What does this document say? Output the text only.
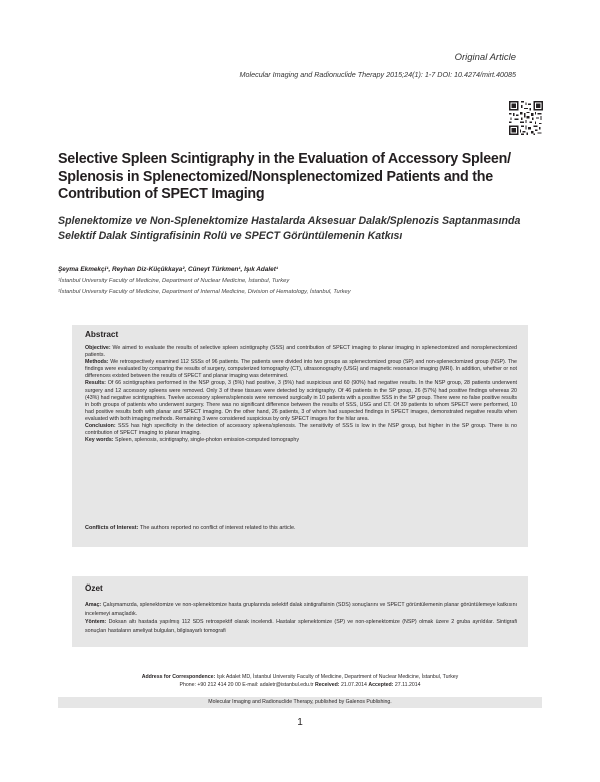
Original Article
Molecular Imaging and Radionuclide Therapy 2015;24(1): 1-7 DOI: 10.4274/mirt.40085
Selective Spleen Scintigraphy in the Evaluation of Accessory Spleen/ Splenosis in Splenectomized/Nonsplenectomized Patients and the Contribution of SPECT Imaging
Splenektomize ve Non-Splenektomize Hastalarda Aksesuar Dalak/Splenozis Saptanmasında Selektif Dalak Sintigrafisinin Rolü ve SPECT Görüntülemenin Katkısı
Şeyma Ekmekçi¹, Reyhan Diz-Küçükkaya², Cüneyt Türkmen¹, Işık Adalet¹
¹İstanbul University Faculty of Medicine, Department of Nuclear Medicine, İstanbul, Turkey
²İstanbul University Faculty of Medicine, Department of Internal Medicine, Division of Hematology, İstanbul, Turkey
Abstract

Objective: We aimed to evaluate the results of selective spleen scintigraphy (SSS) and contribution of SPECT imaging to planar imaging in splenectomized and nonsplenectomized patients.

Methods: We retrospectively examined 112 SSSs of 96 patients. The patients were divided into two groups as splenectomized group (SP) and non-splenectomized group (NSP). The findings were evaluated by comparing the results of surgery, computerized tomography (CT), ultrasonography (USG) and magnetic resonance imaging (MRI). In addition, whether or not differences existed between the results of SPECT and planar imaging was determined.

Results: Of 66 scintigraphies performed in the NSP group, 3 (5%) had positive, 3 (5%) had suspicious and 60 (90%) had negative results. In the NSP group, 28 patients underwent surgery and 12 accessory spleens were removed. Only 3 of these tissues were detected by scintigraphy. Of 46 patients in the SP group, 26 (57%) had positive findings whereas 20 (43%) had negative scintigraphies. Twelve accessory spleens/splenosis were removed surgically in 10 patients with a positive SSS in the SP group. There were no false positive results in both groups of patients who underwent surgery. There was no significant difference between the results of SSS, USG and CT. Of 39 patients to whom SPECT were performed, 10 had positive results both with planar and SPECT imaging. On the other hand, 26 patients, 3 of whom had suspected findings in SPECT images, demonstrated negative results when evaluated with both imaging methods. Remaining 3 were considered suspicious by only SPECT images for the hilar area.

Conclusion: SSS has high specificity in the detection of accessory spleens/splenosis. The sensitivity of SSS is low in the NSP group, but higher in the SP group. There is no contribution of SPECT imaging to planar imaging.

Key words: Spleen, splenosis, scintigraphy, single-photon emission-computed tomography

Conflicts of Interest: The authors reported no conflict of interest related to this article.
Özet

Amaç: Çalışmamızda, splenektomize ve non-splenektomize hasta gruplarında selektif dalak sintigrafisinin (SDS) sonuçlarını ve SPECT görüntülemenin planar görüntülemeye katkısını incelemeyi amaçladık.

Yöntem: Doksan altı hastada yapılmış 112 SDS retrospektif olarak incelendi. Hastalar splenektomize (SP) ve non-splenektomize (NSP) olmak üzere 2 gruba ayrıldılar. Sintigrafi sonuçları hastaların ameliyat bulguları, bilgisayarlı tomografi

Address for Correspondence: Işık Adalet MD, İstanbul University Faculty of Medicine, Department of Nuclear Medicine, İstanbul, Turkey
Phone: +90 212 414 20 00 E-mail: adaletr@istanbul.edu.tr Received: 21.07.2014 Accepted: 27.11.2014
Molecular Imaging and Radionuclide Therapy, published by Galenos Publishing.
1
